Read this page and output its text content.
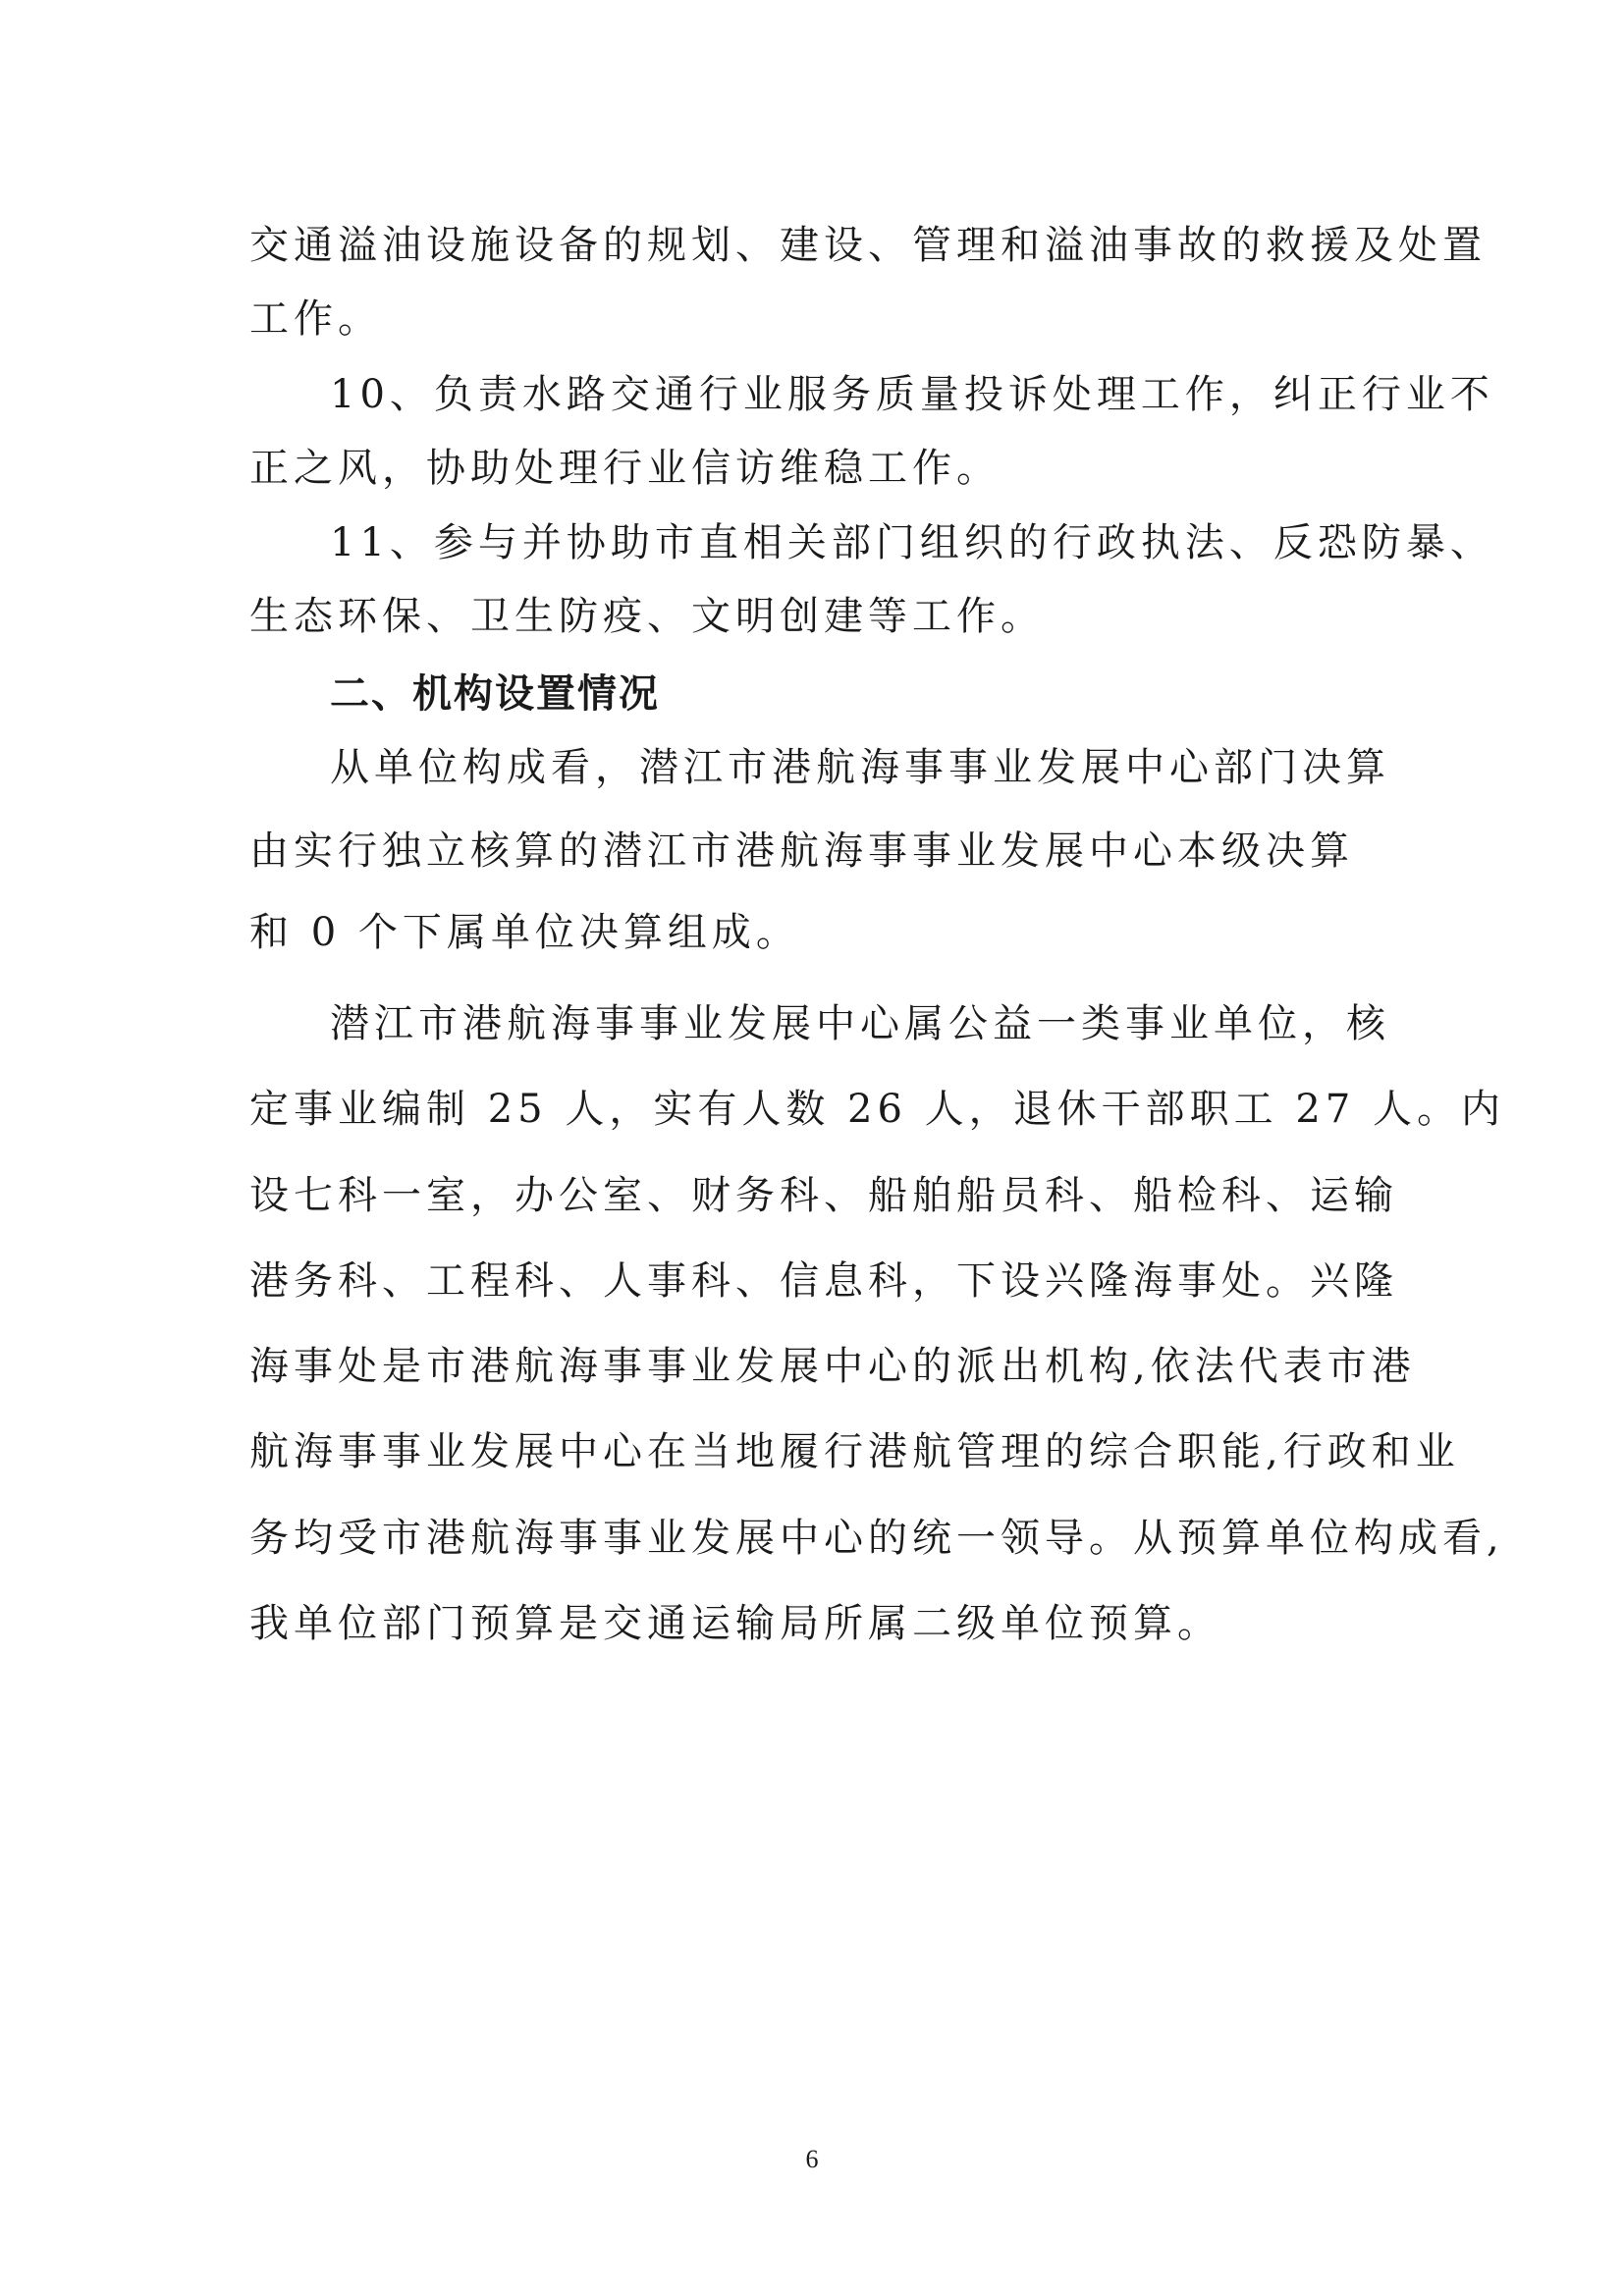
交通溢油设施设备的规划、建设、管理和溢油事故的救援及处置
工作。
10、负责水路交通行业服务质量投诉处理工作，纠正行业不
正之风，协助处理行业信访维稳工作。
11、参与并协助市直相关部门组织的行政执法、反恐防暴、
生态环保、卫生防疫、文明创建等工作。
二、机构设置情况
从单位构成看，潜江市港航海事事业发展中心部门决算
由实行独立核算的潜江市港航海事事业发展中心本级决算
和 0 个下属单位决算组成。
潜江市港航海事事业发展中心属公益一类事业单位，核
定事业编制 25 人，实有人数 26 人，退休干部职工 27 人。内
设七科一室，办公室、财务科、船舶船员科、船检科、运输
港务科、工程科、人事科、信息科，下设兴隆海事处。兴隆
海事处是市港航海事事业发展中心的派出机构,依法代表市港
航海事事业发展中心在当地履行港航管理的综合职能,行政和业
务均受市港航海事事业发展中心的统一领导。从预算单位构成看,
我单位部门预算是交通运输局所属二级单位预算。
6
